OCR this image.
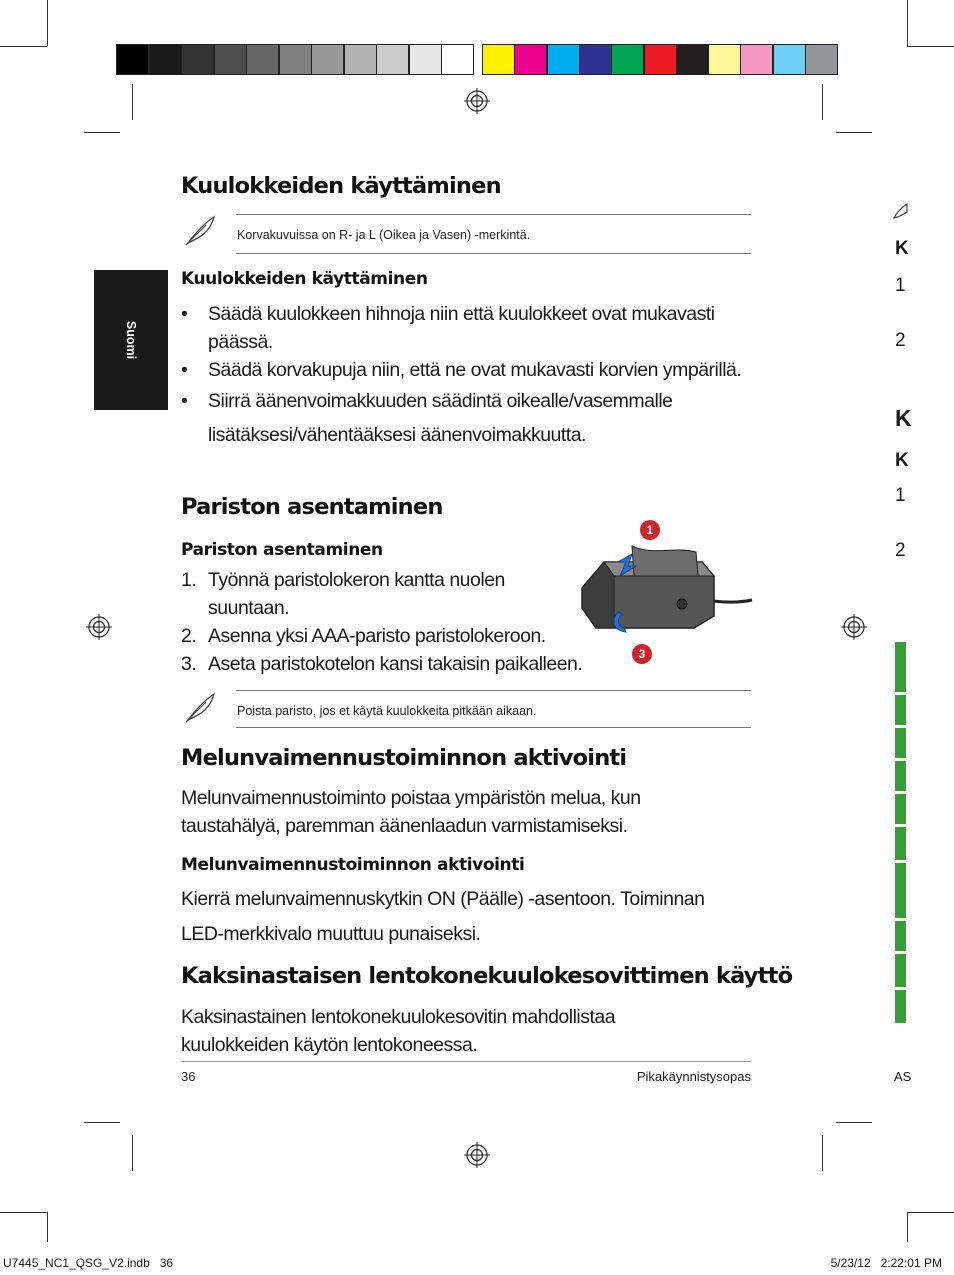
Suomi
Kuulokkeiden käyttäminen
Korvakuvuissa on R- ja L (Oikea ja Vasen) -merkintä.
Kuulokkeiden käyttäminen
• Säädä kuulokkeen hihnoja niin että kuulokkeet ovat mukavasti päässä.
• Säädä korvakupuja niin, että ne ovat mukavasti korvien ympärillä.
• Siirrä äänenvoimakkuuden säädintä oikealle/vasemmalle lisätäksesi/vähentääksesi äänenvoimakkuutta.
Pariston asentaminen
Pariston asentaminen
1. Työnnä paristolokeron kantta nuolen suuntaan.
2. Asenna yksi AAA-paristo paristolokeroon.
3. Aseta paristokotelon kansi takaisin paikalleen.
1
3
Poista paristo, jos et käytä kuulokkeita pitkään aikaan.
Melunvaimennustoiminnon aktivointi
Melunvaimennustoiminto poistaa ympäristön melua, kun taustahälyä, paremman äänenlaadun varmistamiseksi.
Melunvaimennustoiminnon aktivointi
Kierrä melunvaimennuskytkin ON (Päälle) -asentoon. Toiminnan
LED-merkkivalo muuttuu punaiseksi.
Kaksinastaisen lentokonekuulokesovittimen käyttö
Kaksinastainen lentokonekuulokesovitin mahdollistaa kuulokkeiden käytön lentokoneessa.
36	Pikakäynnistysopas
K
1
2
K
K
1
2
AS
U7445_NC1_QSG_V2.indb   36	5/23/12   2:22:01 PM
